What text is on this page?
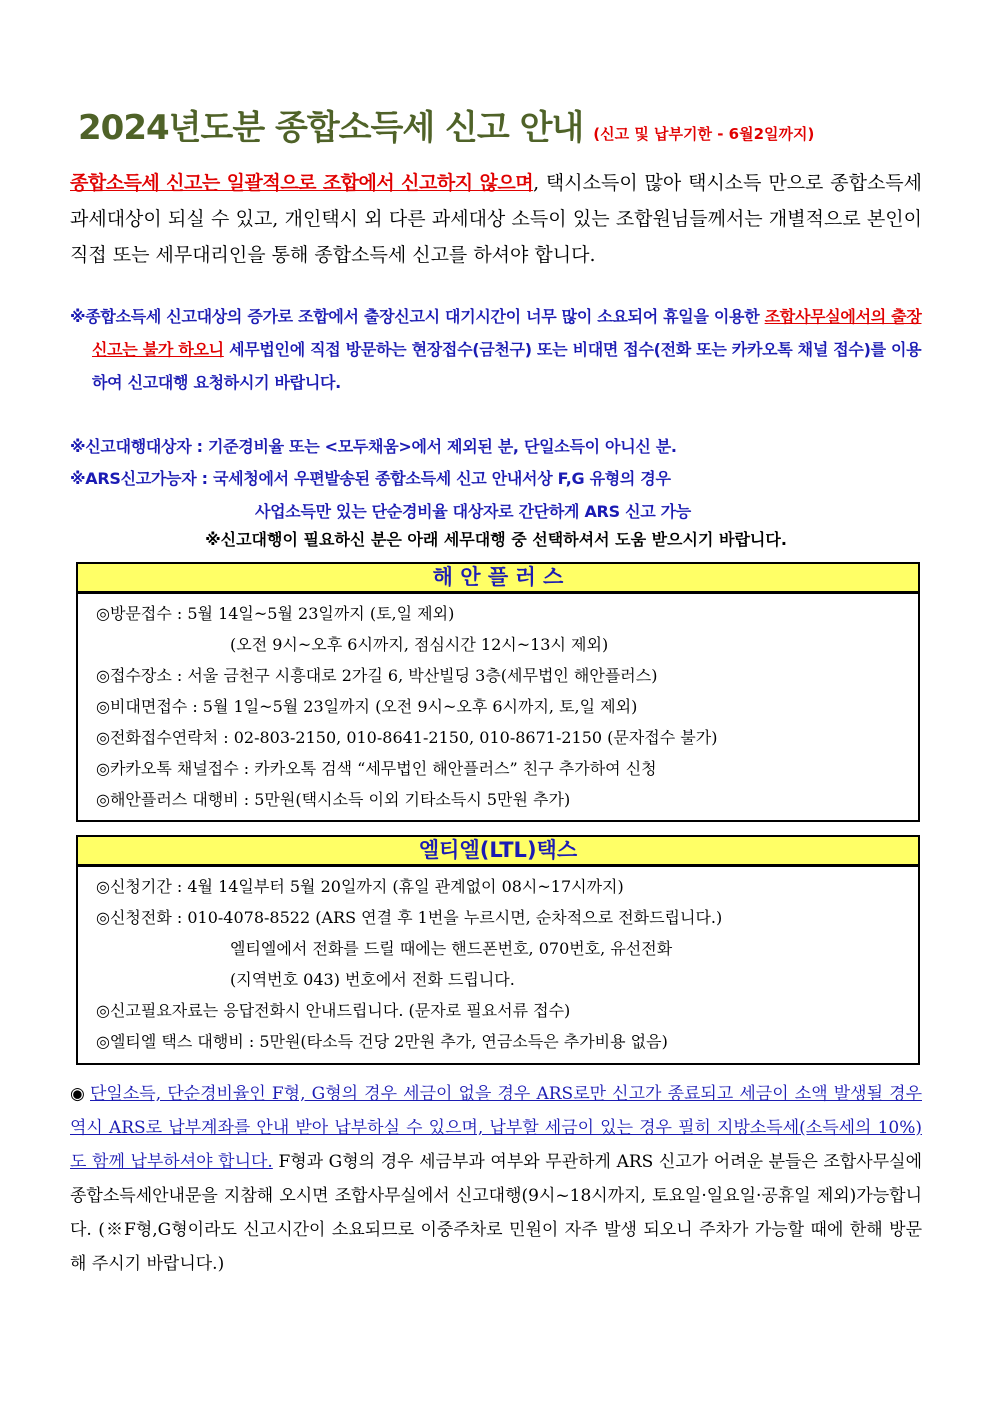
2024년도분 종합소득세 신고 안내 (신고 및 납부기한 - 6월2일까지)
종합소득세 신고는 일괄적으로 조합에서 신고하지 않으며, 택시소득이 많아 택시소득 만으로 종합소득세 과세대상이 되실 수 있고, 개인택시 외 다른 과세대상 소득이 있는 조합원님들께서는 개별적으로 본인이 직접 또는 세무대리인을 통해 종합소득세 신고를 하셔야 합니다.
※종합소득세 신고대상의 증가로 조합에서 출장신고시 대기시간이 너무 많이 소요되어 휴일을 이용한 조합사무실에서의 출장신고는 불가 하오니 세무법인에 직접 방문하는 현장접수(금천구) 또는 비대면 접수(전화 또는 카카오톡 채널 접수)를 이용하여 신고대행 요청하시기 바랍니다.
※신고대행대상자 : 기준경비율 또는 <모두채움>에서 제외된 분, 단일소득이 아니신 분.
※ARS신고가능자 : 국세청에서 우편발송된 종합소득세 신고 안내서상 F,G 유형의 경우
사업소득만 있는 단순경비율 대상자로 간단하게 ARS 신고 가능
※신고대행이 필요하신 분은 아래 세무대행 중 선택하셔서 도움 받으시기 바랍니다.
해 안 플 러 스
◎방문접수 : 5월 14일~5월 23일까지 (토,일 제외)
(오전 9시~오후 6시까지, 점심시간 12시~13시 제외)
◎접수장소 : 서울 금천구 시흥대로 2가길 6, 박산빌딩 3층(세무법인 해안플러스)
◎비대면접수 : 5월 1일~5월 23일까지 (오전 9시~오후 6시까지, 토,일 제외)
◎전화접수연락처 : 02-803-2150, 010-8641-2150, 010-8671-2150 (문자접수 불가)
◎카카오톡 채널접수 : 카카오톡 검색 “세무법인 해안플러스” 친구 추가하여 신청
◎해안플러스 대행비 : 5만원(택시소득 이외 기타소득시 5만원 추가)
엘티엘(LTL)택스
◎신청기간 : 4월 14일부터 5월 20일까지 (휴일 관계없이 08시~17시까지)
◎신청전화 : 010-4078-8522 (ARS 연결 후 1번을 누르시면, 순차적으로 전화드립니다.)
엘티엘에서 전화를 드릴 때에는 핸드폰번호, 070번호, 유선전화
(지역번호 043) 번호에서 전화 드립니다.
◎신고필요자료는 응답전화시 안내드립니다. (문자로 필요서류 접수)
◎엘티엘 택스 대행비 : 5만원(타소득 건당 2만원 추가, 연금소득은 추가비용 없음)
◉ 단일소득, 단순경비율인 F형, G형의 경우 세금이 없을 경우 ARS로만 신고가 종료되고 세금이 소액 발생될 경우 역시 ARS로 납부계좌를 안내 받아 납부하실 수 있으며, 납부할 세금이 있는 경우 필히 지방소득세(소득세의 10%)도 함께 납부하셔야 합니다. F형과 G형의 경우 세금부과 여부와 무관하게 ARS 신고가 어려운 분들은 조합사무실에 종합소득세안내문을 지참해 오시면 조합사무실에서 신고대행(9시~18시까지, 토요일·일요일·공휴일 제외)가능합니다. (※F형,G형이라도 신고시간이 소요되므로 이중주차로 민원이 자주 발생 되오니 주차가 가능할 때에 한해 방문해 주시기 바랍니다.)
